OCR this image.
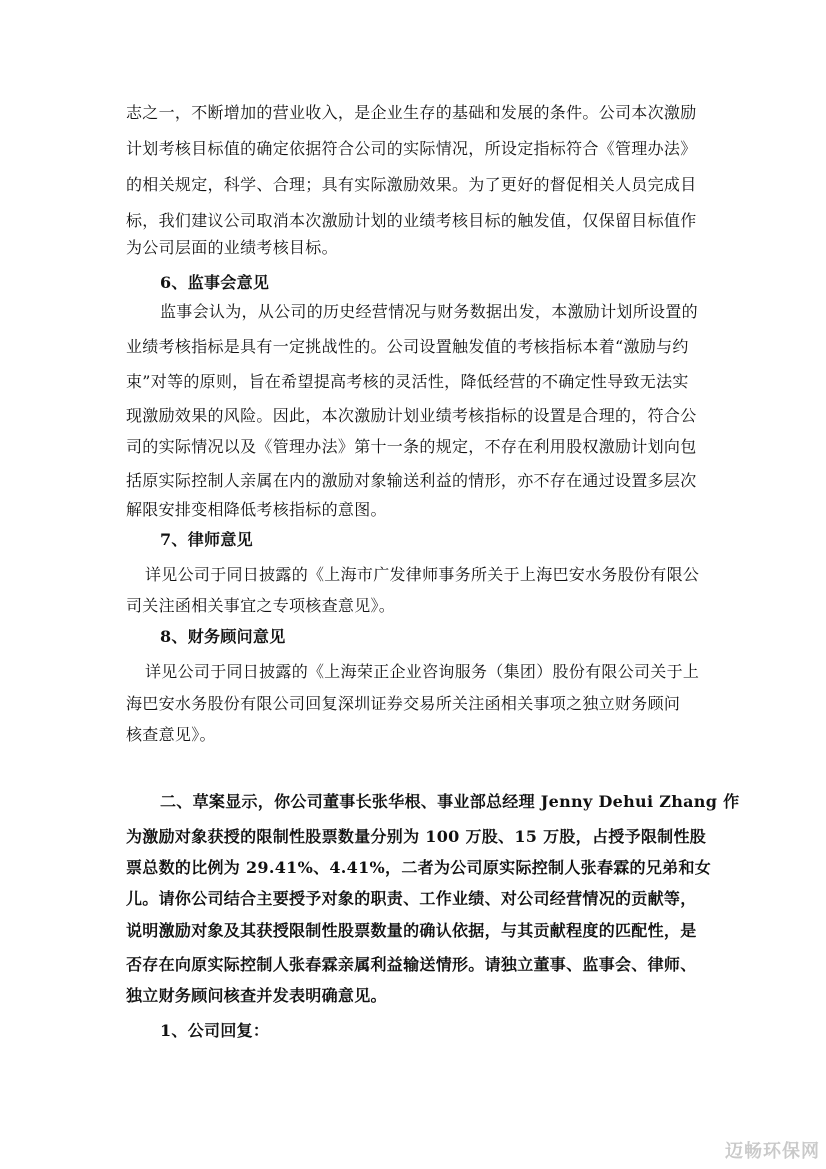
志之一，不断增加的营业收入，是企业生存的基础和发展的条件。公司本次激励
计划考核目标值的确定依据符合公司的实际情况，所设定指标符合《管理办法》
的相关规定，科学、合理；具有实际激励效果。为了更好的督促相关人员完成目
标，我们建议公司取消本次激励计划的业绩考核目标的触发值，仅保留目标值作
为公司层面的业绩考核目标。
6、监事会意见
监事会认为，从公司的历史经营情况与财务数据出发，本激励计划所设置的
业绩考核指标是具有一定挑战性的。公司设置触发值的考核指标本着“激励与约
束”对等的原则，旨在希望提高考核的灵活性，降低经营的不确定性导致无法实
现激励效果的风险。因此，本次激励计划业绩考核指标的设置是合理的，符合公
司的实际情况以及《管理办法》第十一条的规定，不存在利用股权激励计划向包
括原实际控制人亲属在内的激励对象输送利益的情形，亦不存在通过设置多层次
解限安排变相降低考核指标的意图。
7、律师意见
详见公司于同日披露的《上海市广发律师事务所关于上海巴安水务股份有限公
司关注函相关事宜之专项核查意见》。
8、财务顾问意见
详见公司于同日披露的《上海荣正企业咨询服务（集团）股份有限公司关于上
海巴安水务股份有限公司回复深圳证券交易所关注函相关事项之独立财务顾问
核查意见》。
二、草案显示，你公司董事长张华根、事业部总经理 Jenny Dehui Zhang 作
为激励对象获授的限制性股票数量分别为 100 万股、15 万股，占授予限制性股
票总数的比例为 29.41%、4.41%，二者为公司原实际控制人张春霖的兄弟和女
儿。请你公司结合主要授予对象的职责、工作业绩、对公司经营情况的贡献等，
说明激励对象及其获授限制性股票数量的确认依据，与其贡献程度的匹配性，是
否存在向原实际控制人张春霖亲属利益输送情形。请独立董事、监事会、律师、
独立财务顾问核查并发表明确意见。
1、公司回复：
迈畅环保网
